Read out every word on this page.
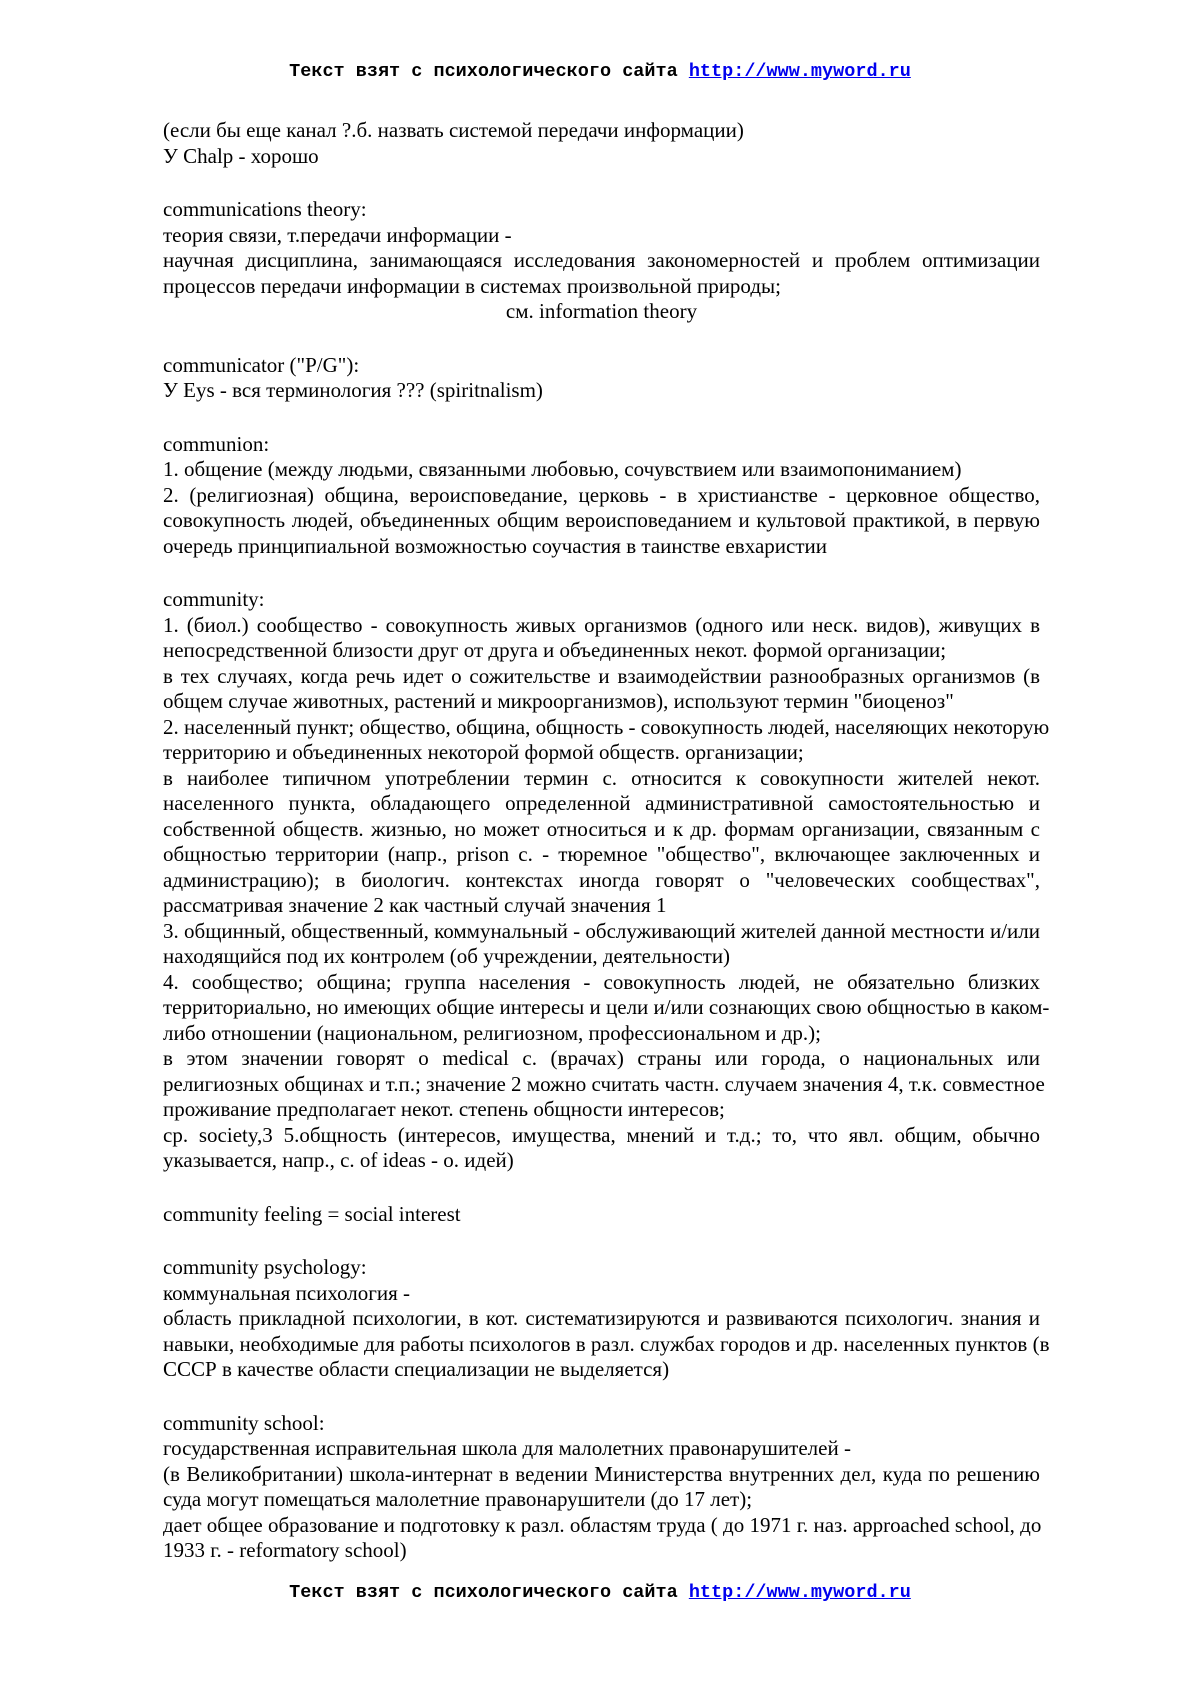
Текст взят с психологического сайта http://www.myword.ru
(если бы еще канал ?.б. назвать системой передачи информации)
У Chalp - хорошо
communications theory:
теория связи, т.передачи информации -
научная дисциплина, занимающаяся исследования закономерностей и проблем оптимизации
процессов передачи информации в системах произвольной природы;
см. information theory
communicator ("P/G"):
У Eys - вся терминология ??? (spiritnalism)
communion:
1. общение (между людьми, связанными любовью, сочувствием или взаимопониманием)
2. (религиозная) община, вероисповедание, церковь - в христианстве - церковное общество,
совокупность людей, объединенных общим вероисповеданием и культовой практикой, в первую
очередь принципиальной возможностью соучастия в таинстве евхаристии
community:
1. (биол.) сообщество - совокупность живых организмов (одного или неск. видов), живущих в
непосредственной близости друг от друга и объединенных некот. формой организации;
в тех случаях, когда речь идет о сожительстве и взаимодействии разнообразных организмов (в
общем случае животных, растений и микроорганизмов), используют термин "биоценоз"
2. населенный пункт; общество, община, общность - совокупность людей, населяющих некоторую
территорию и объединенных некоторой формой обществ. организации;
в наиболее типичном употреблении термин с. относится к совокупности жителей некот.
населенного пункта, обладающего определенной административной самостоятельностью и
собственной обществ. жизнью, но может относиться и к др. формам организации, связанным с
общностью территории (напр., prison c. - тюремное "общество", включающее заключенных и
администрацию); в биологич. контекстах иногда говорят о "человеческих сообществах",
рассматривая значение 2 как частный случай значения 1
3. общинный, общественный, коммунальный - обслуживающий жителей данной местности и/или
находящийся под их контролем (об учреждении, деятельности)
4. сообщество; община; группа населения - совокупность людей, не обязательно близких
территориально, но имеющих общие интересы и цели и/или сознающих свою общностью в каком-
либо отношении (национальном, религиозном, профессиональном и др.);
в этом значении говорят о medical c. (врачах) страны или города, о национальных или
религиозных общинах и т.п.; значение 2 можно считать частн. случаем значения 4, т.к. совместное
проживание предполагает некот. степень общности интересов;
ср. society,3 5.общность (интересов, имущества, мнений и т.д.; то, что явл. общим, обычно
указывается, напр., c. of ideas - о. идей)
community feeling = social interest
community psychology:
коммунальная психология -
область прикладной психологии, в кот. систематизируются и развиваются психологич. знания и
навыки, необходимые для работы психологов в разл. службах городов и др. населенных пунктов (в
СССР в качестве области специализации не выделяется)
community school:
государственная исправительная школа для малолетних правонарушителей -
(в Великобритании) школа-интернат в ведении Министерства внутренних дел, куда по решению
суда могут помещаться малолетние правонарушители (до 17 лет);
дает общее образование и подготовку к разл. областям труда ( до 1971 г. наз. approached school, до
1933 г. - reformatory school)
Текст взят с психологического сайта http://www.myword.ru
